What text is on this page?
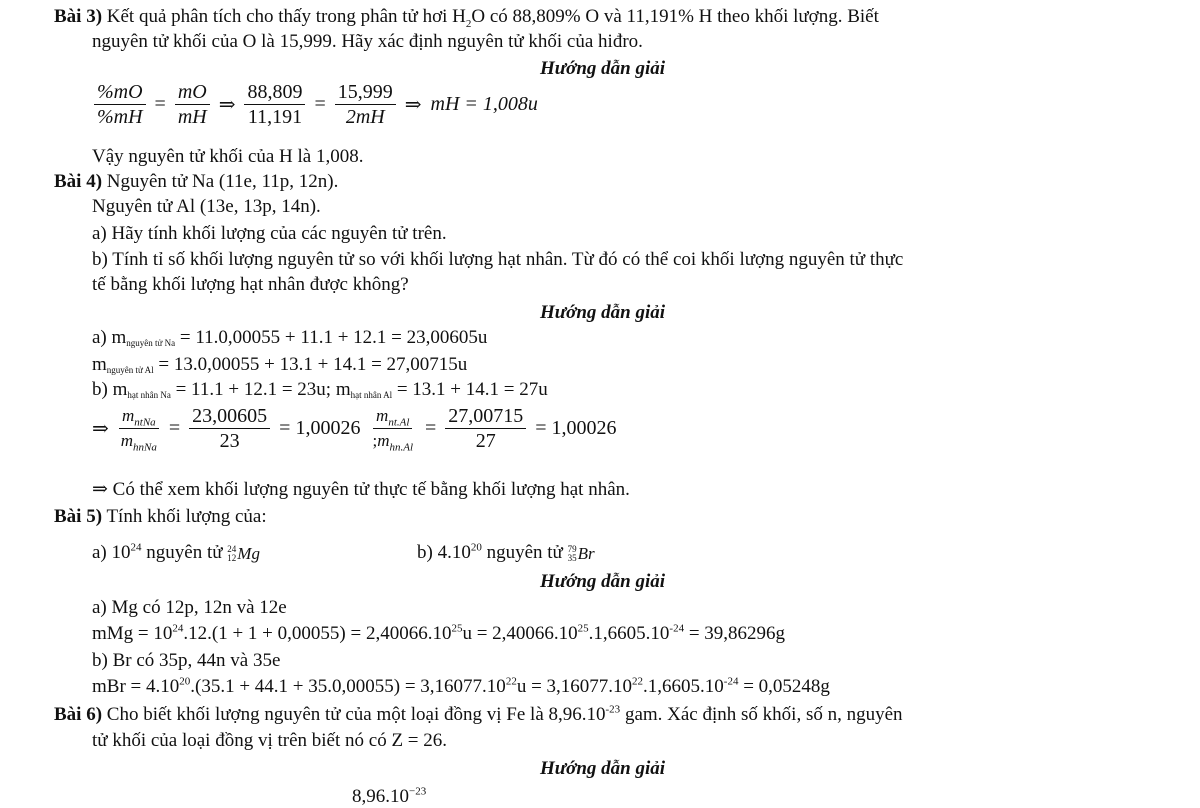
Bài 3) Kết quả phân tích cho thấy trong phân tử hơi $H_2O$ có 88,809% O và 11,191% H theo khối lượng. Biết
nguyên tử khối của O là 15,999. Hãy xác định nguyên tử khối của hiđro.
Hướng dẫn giải
$\frac{\%mO}{\%mH} = \frac{mO}{mH}$ ⇒ $\frac{88,809}{11,191} = \frac{15,999}{2mH}$ ⇒ mH = 1,008u
Vậy nguyên tử khối của H là 1,008.
Bài 4) Nguyên tử Na (11e, 11p, 12n).
Nguyên tử Al (13e, 13p, 14n).
a) Hãy tính khối lượng của các nguyên tử trên.
b) Tính tỉ số khối lượng nguyên tử so với khối lượng hạt nhân. Từ đó có thể coi khối lượng nguyên tử thực
tế bằng khối lượng hạt nhân được không?
Hướng dẫn giải
a) mnguyên tử Na = 11.0,00055 + 11.1 + 12.1 = 23,00605u
mnguyên tử Al = 13.0,00055 + 13.1 + 14.1 = 27,00715u
b) mhạt nhân Na = 11.1 + 12.1 = 23u; mhạt nhân Al = 13.1 + 14.1 = 27u
⇒ $\frac{m_{ntNa}}{m_{hnNa}} = \frac{23,00605}{23} = 1,00026 \frac{m_{nt.Al}}{;m_{hn.Al}} = \frac{27,00715}{27} = 1,00026$
⇒ Có thể xem khối lượng nguyên tử thực tế bằng khối lượng hạt nhân.
Bài 5) Tính khối lượng của:
a) $10^{24}$ nguyên tử 24
12 Mg	b) 4.10$^{20}$ nguyên tử 79
35 Br
Hướng dẫn giải
a) Mg có 12p, 12n và 12e
mMg = $10^{24}.12.(1 + 1 + 0,00055) = 2,40066.10^{25}u = 2,40066.10^{25}.1,6605.10^{-24} = 39,86296g$
b) Br có 35p, 44n và 35e
mBr = $4.10^{20}.(35.1 + 44.1 + 35.0,00055) = 3,16077.10^{22}u = 3,16077.10^{22}.1,6605.10^{-24} = 0,05248g$
Bài 6) Cho biết khối lượng nguyên tử của một loại đồng vị Fe là $8,96.10^{-23}$ gam. Xác định số khối, số n, nguyên
tử khối của loại đồng vị trên biết nó có Z = 26.
Hướng dẫn giải
$8,96.10^{-23}$
